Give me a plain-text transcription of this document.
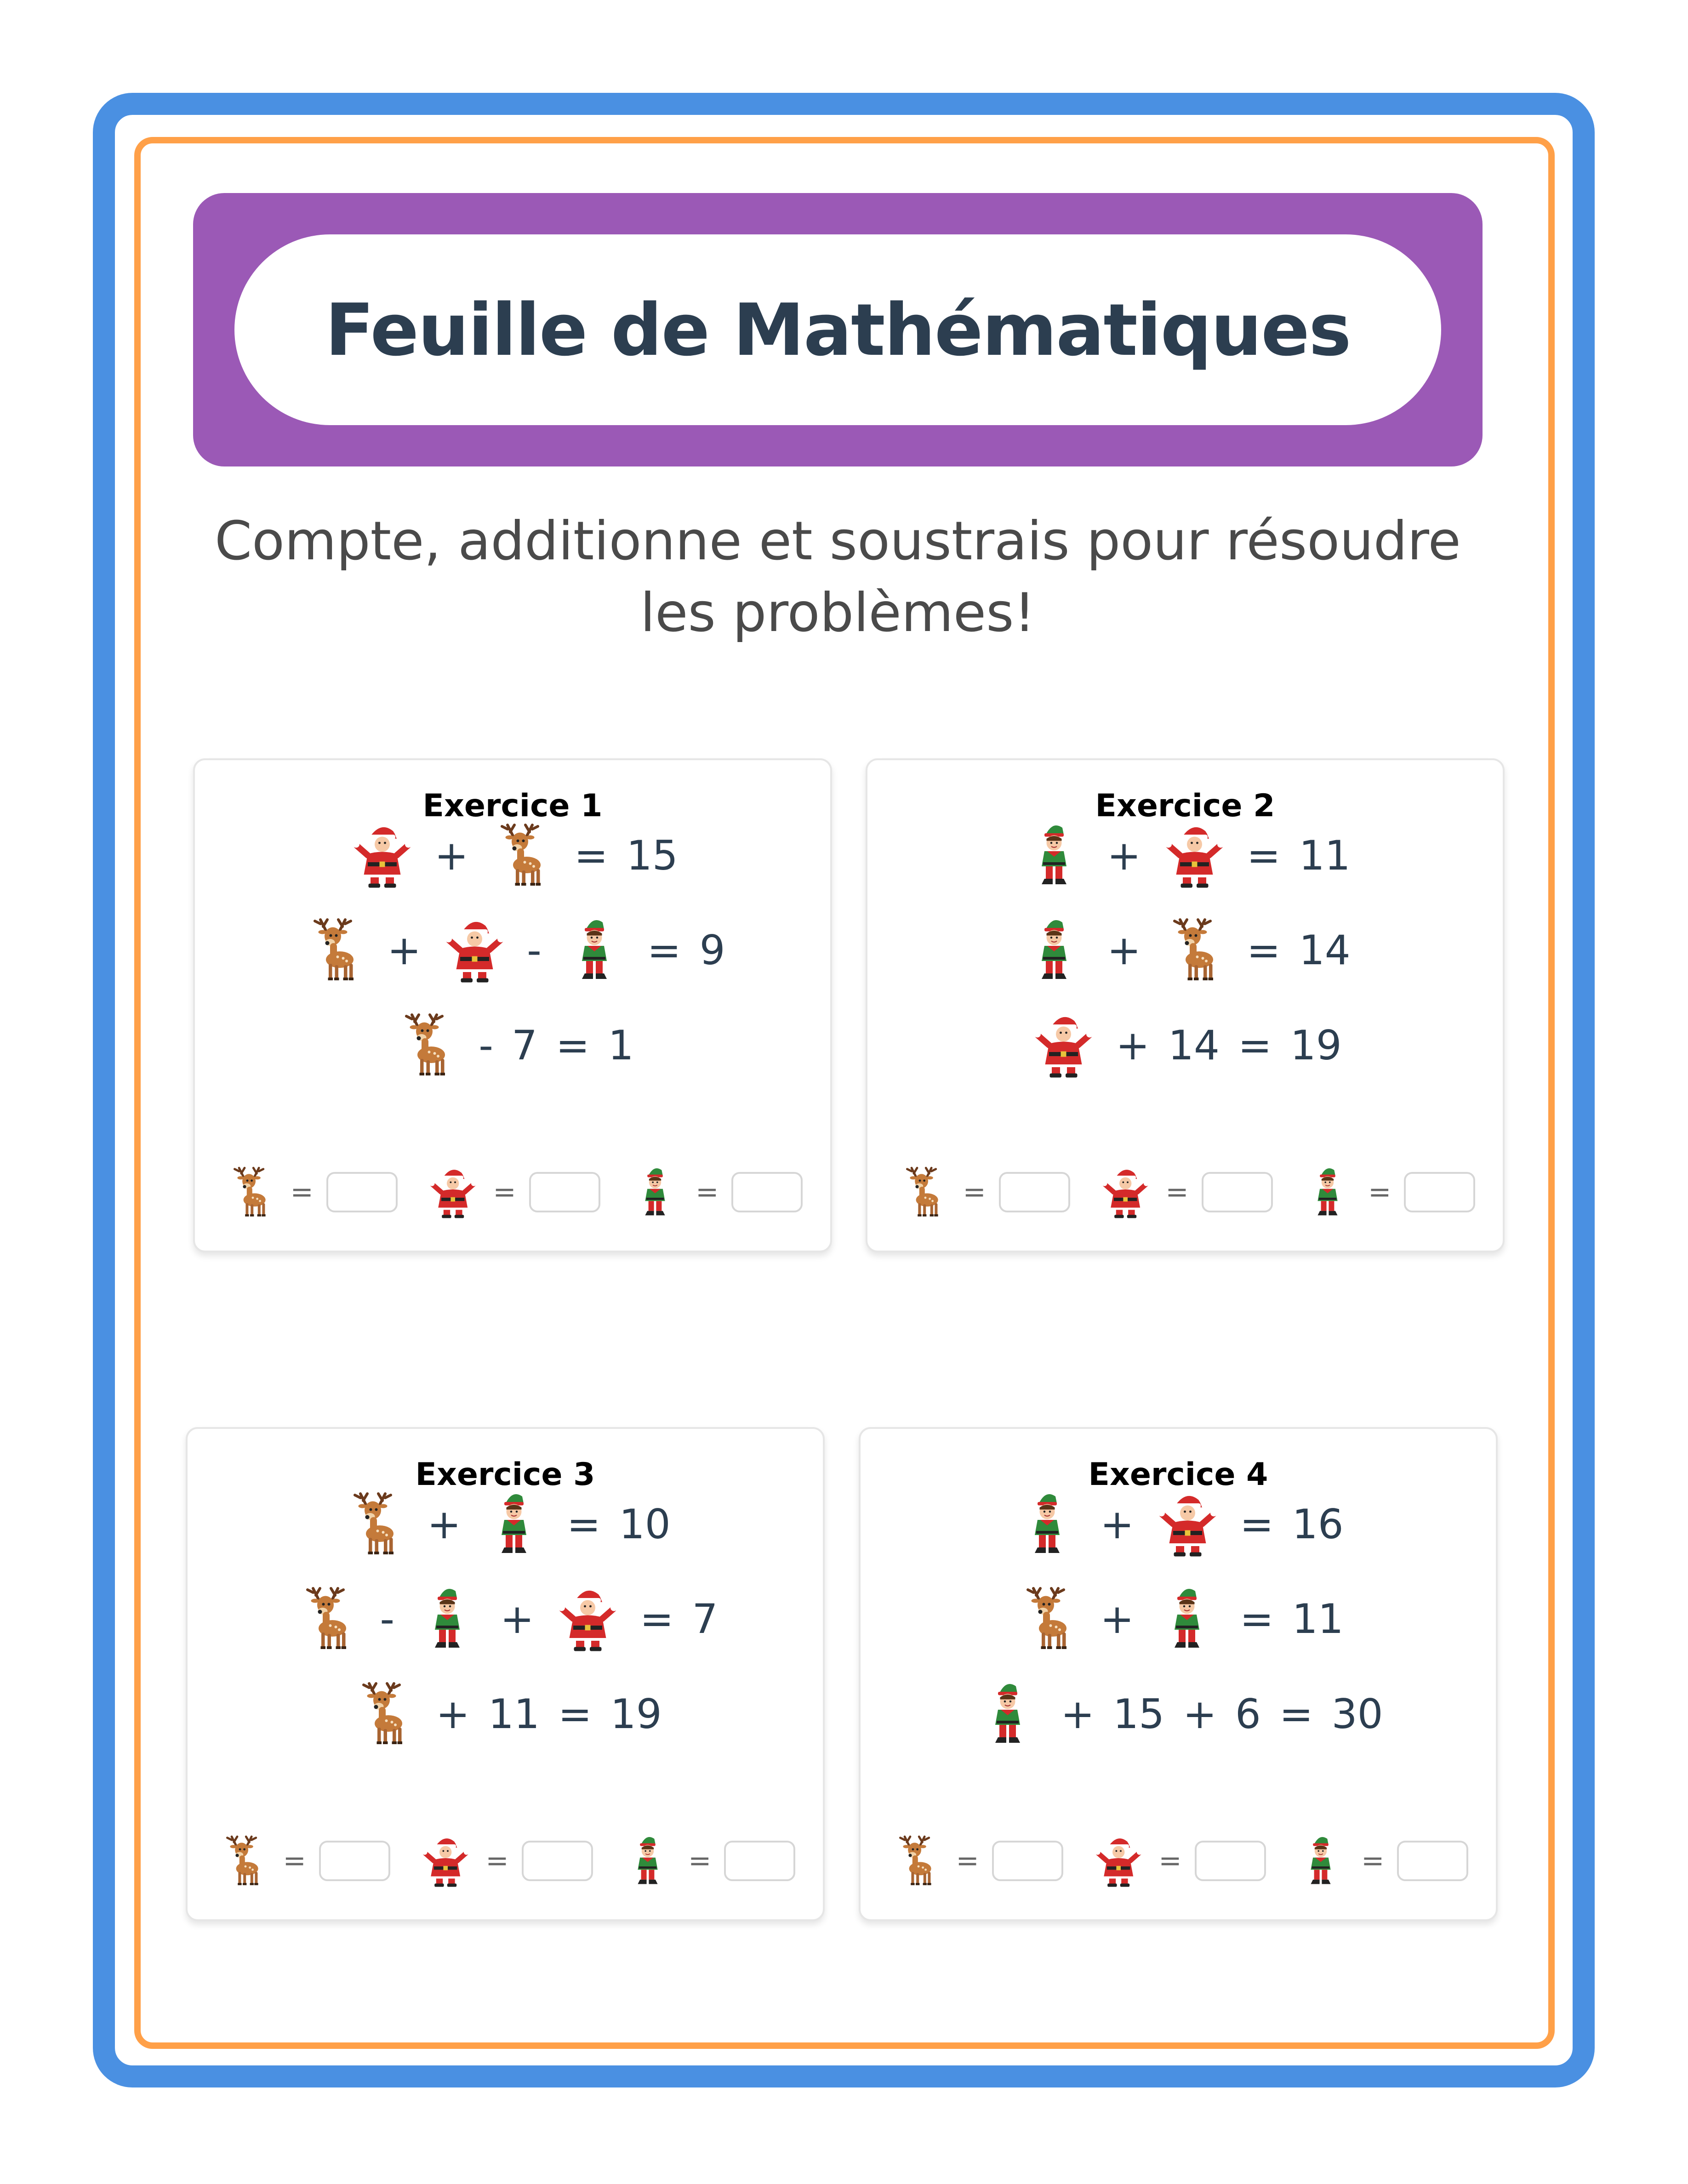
Feuille de Mathématiques
Compte, additionne et soustrais pour résoudre
les problèmes!
Exercice 1
+	= 15
+	-	= 9
- 7 = 1
=	=	=
Exercice 2
+	= 11
+	= 14
+ 14 = 19
=	=	=
Exercice 3
+	= 10
-	+	= 7
+ 11 = 19
=	=	=
Exercice 4
+	= 16
+	= 11
+ 15 + 6 = 30
=	=	=
